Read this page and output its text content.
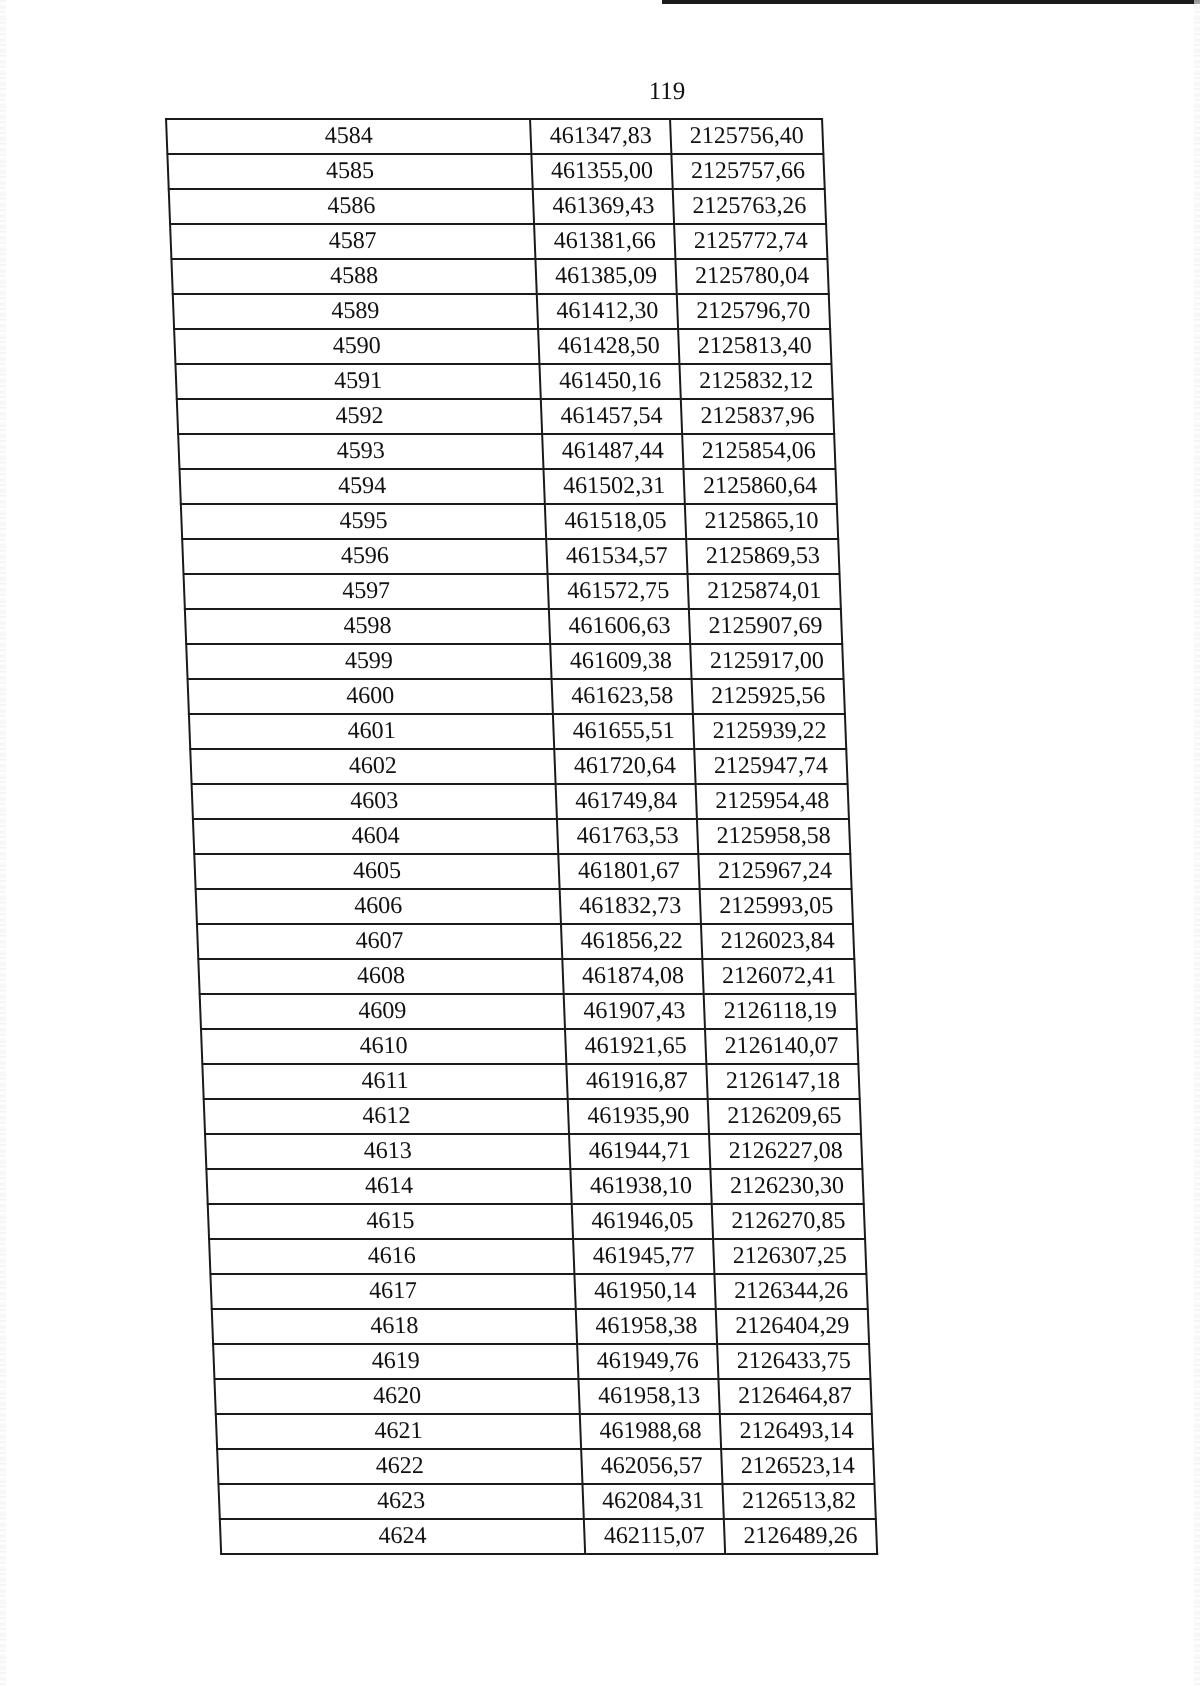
119
4584	461347,83	2125756,40
4585	461355,00	2125757,66
4586	461369,43	2125763,26
4587	461381,66	2125772,74
4588	461385,09	2125780,04
4589	461412,30	2125796,70
4590	461428,50	2125813,40
4591	461450,16	2125832,12
4592	461457,54	2125837,96
4593	461487,44	2125854,06
4594	461502,31	2125860,64
4595	461518,05	2125865,10
4596	461534,57	2125869,53
4597	461572,75	2125874,01
4598	461606,63	2125907,69
4599	461609,38	2125917,00
4600	461623,58	2125925,56
4601	461655,51	2125939,22
4602	461720,64	2125947,74
4603	461749,84	2125954,48
4604	461763,53	2125958,58
4605	461801,67	2125967,24
4606	461832,73	2125993,05
4607	461856,22	2126023,84
4608	461874,08	2126072,41
4609	461907,43	2126118,19
4610	461921,65	2126140,07
4611	461916,87	2126147,18
4612	461935,90	2126209,65
4613	461944,71	2126227,08
4614	461938,10	2126230,30
4615	461946,05	2126270,85
4616	461945,77	2126307,25
4617	461950,14	2126344,26
4618	461958,38	2126404,29
4619	461949,76	2126433,75
4620	461958,13	2126464,87
4621	461988,68	2126493,14
4622	462056,57	2126523,14
4623	462084,31	2126513,82
4624	462115,07	2126489,26
